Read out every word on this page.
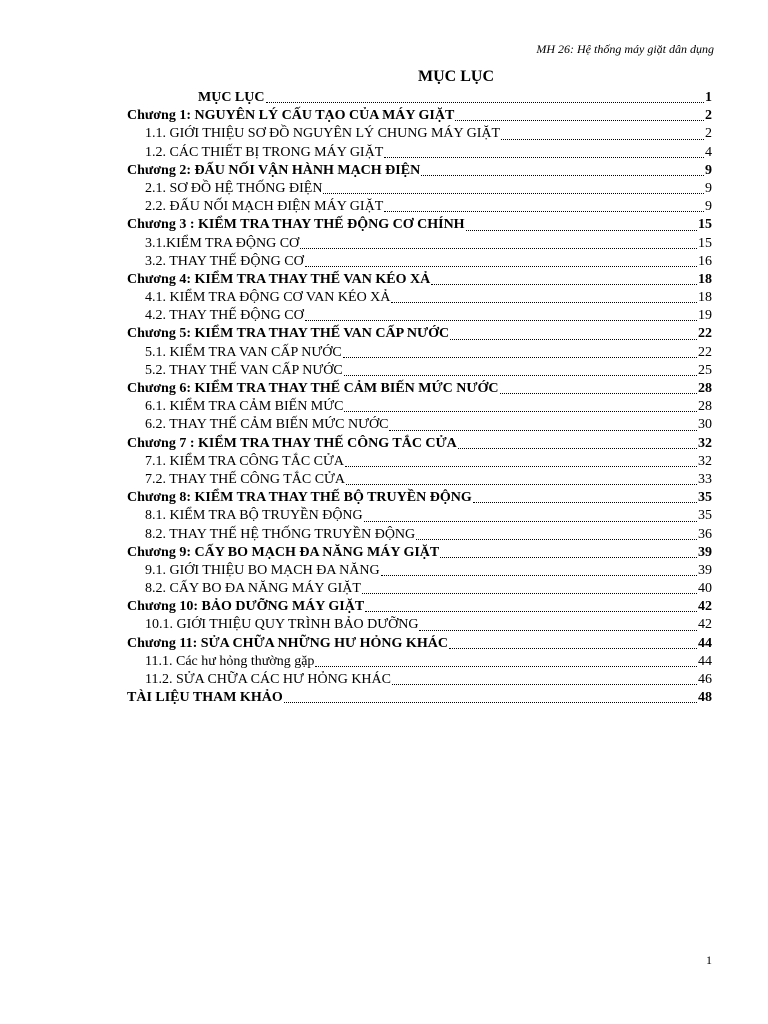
MH 26: Hệ thống máy giặt dân dụng
MỤC LỤC
MỤC LỤC	1
Chương 1: NGUYÊN LÝ CẤU TẠO CỦA MÁY GIẶT	2
1.1. GIỚI THIỆU SƠ ĐỒ NGUYÊN LÝ CHUNG MÁY GIẶT	2
1.2. CÁC THIẾT BỊ TRONG MÁY GIẶT	4
Chương 2: ĐẤU NỐI VẬN HÀNH MẠCH ĐIỆN	9
2.1. SƠ ĐỒ HỆ THỐNG ĐIỆN	9
2.2. ĐẤU NỐI MẠCH ĐIỆN MÁY GIẶT	9
Chương 3 : KIỂM TRA THAY THẾ ĐỘNG CƠ CHÍNH	15
3.1.KIỂM TRA ĐỘNG CƠ	15
3.2. THAY THẾ ĐỘNG CƠ	16
Chương 4: KIỂM TRA THAY THẾ VAN KÉO XẢ	18
4.1. KIỂM TRA ĐỘNG CƠ VAN KÉO XẢ	18
4.2. THAY THẾ ĐỘNG CƠ	19
Chương 5: KIỂM TRA THAY THẾ VAN CẤP NƯỚC	22
5.1. KIỂM TRA VAN CẤP NƯỚC	22
5.2. THAY THẾ VAN CẤP NƯỚC	25
Chương 6: KIỂM TRA THAY THẾ CẢM BIẾN MỨC NƯỚC	28
6.1. KIỂM TRA CẢM BIẾN MỨC	28
6.2. THAY THẾ CẢM BIẾN MỨC NƯỚC	30
Chương 7 : KIỂM TRA THAY THẾ CÔNG TẮC CỬA	32
7.1. KIỂM TRA CÔNG TẮC CỬA	32
7.2. THAY THẾ CÔNG TẮC CỬA	33
Chương 8: KIỂM TRA THAY THẾ BỘ TRUYỀN ĐỘNG	35
8.1. KIỂM TRA BỘ TRUYỀN ĐỘNG	35
8.2. THAY THẾ HỆ THỐNG TRUYỀN ĐỘNG	36
Chương 9: CẤY BO MẠCH ĐA NĂNG MÁY GIẶT	39
9.1. GIỚI THIỆU BO MẠCH ĐA NĂNG	39
8.2. CẤY BO ĐA NĂNG MÁY GIẶT	40
Chương 10: BẢO DƯỠNG MÁY GIẶT	42
10.1. GIỚI THIỆU QUY TRÌNH BẢO DƯỠNG	42
Chương 11: SỬA CHỮA NHỮNG HƯ HỎNG KHÁC	44
11.1. Các hư hỏng thường gặp	44
11.2. SỬA CHỮA CÁC HƯ HỎNG KHÁC	46
TÀI LIỆU THAM KHẢO	48
1
